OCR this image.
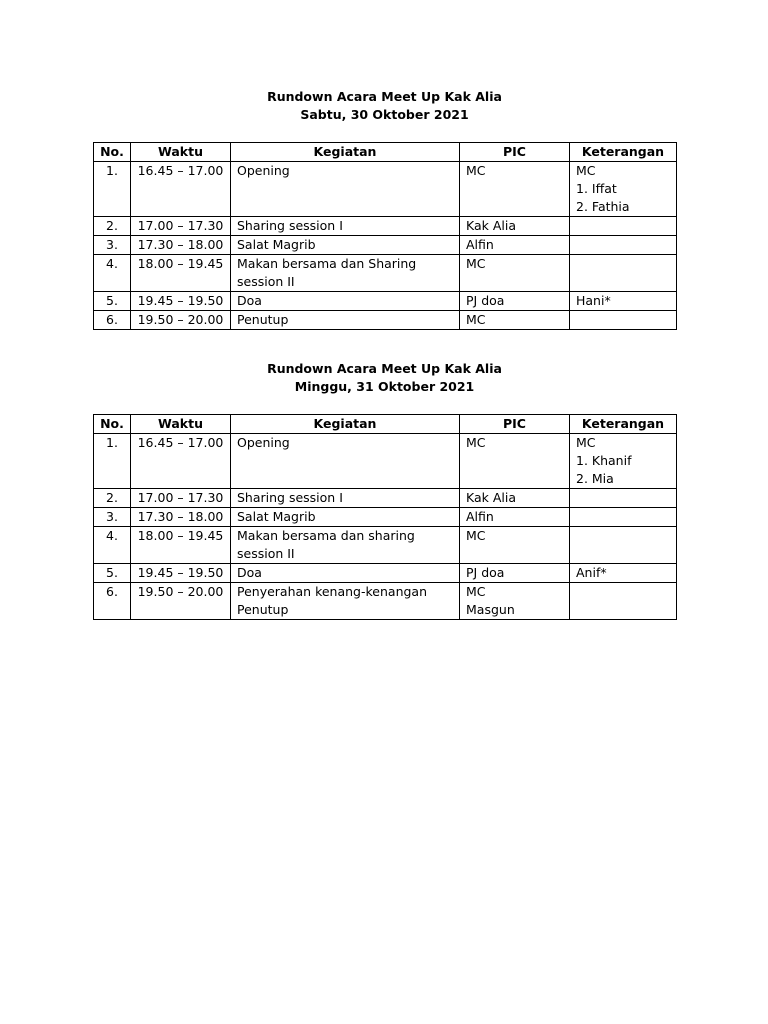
Rundown Acara Meet Up Kak Alia
Sabtu, 30 Oktober 2021
No.	Waktu	Kegiatan	PIC	Keterangan
1.	16.45 – 17.00	Opening	MC	MC
1. Iffat
2. Fathia

2.	17.00 – 17.30	Sharing session I	Kak Alia	

3.	17.30 – 18.00	Salat Magrib	Alfin	

4.	18.00 – 19.45	Makan bersama dan Sharing
session II	MC	

5.	19.45 – 19.50	Doa	PJ doa	Hani*

6.	19.50 – 20.00	Penutup	MC	

Rundown Acara Meet Up Kak Alia
Minggu, 31 Oktober 2021
No.	Waktu	Kegiatan	PIC	Keterangan
1.	16.45 – 17.00	Opening	MC	MC
1. Khanif
2. Mia

2.	17.00 – 17.30	Sharing session I	Kak Alia	

3.	17.30 – 18.00	Salat Magrib	Alfin	

4.	18.00 – 19.45	Makan bersama dan sharing
session II	MC	

5.	19.45 – 19.50	Doa	PJ doa	Anif*

6.	19.50 – 20.00	Penyerahan kenang-kenangan
Penutup	MC
Masgun	
